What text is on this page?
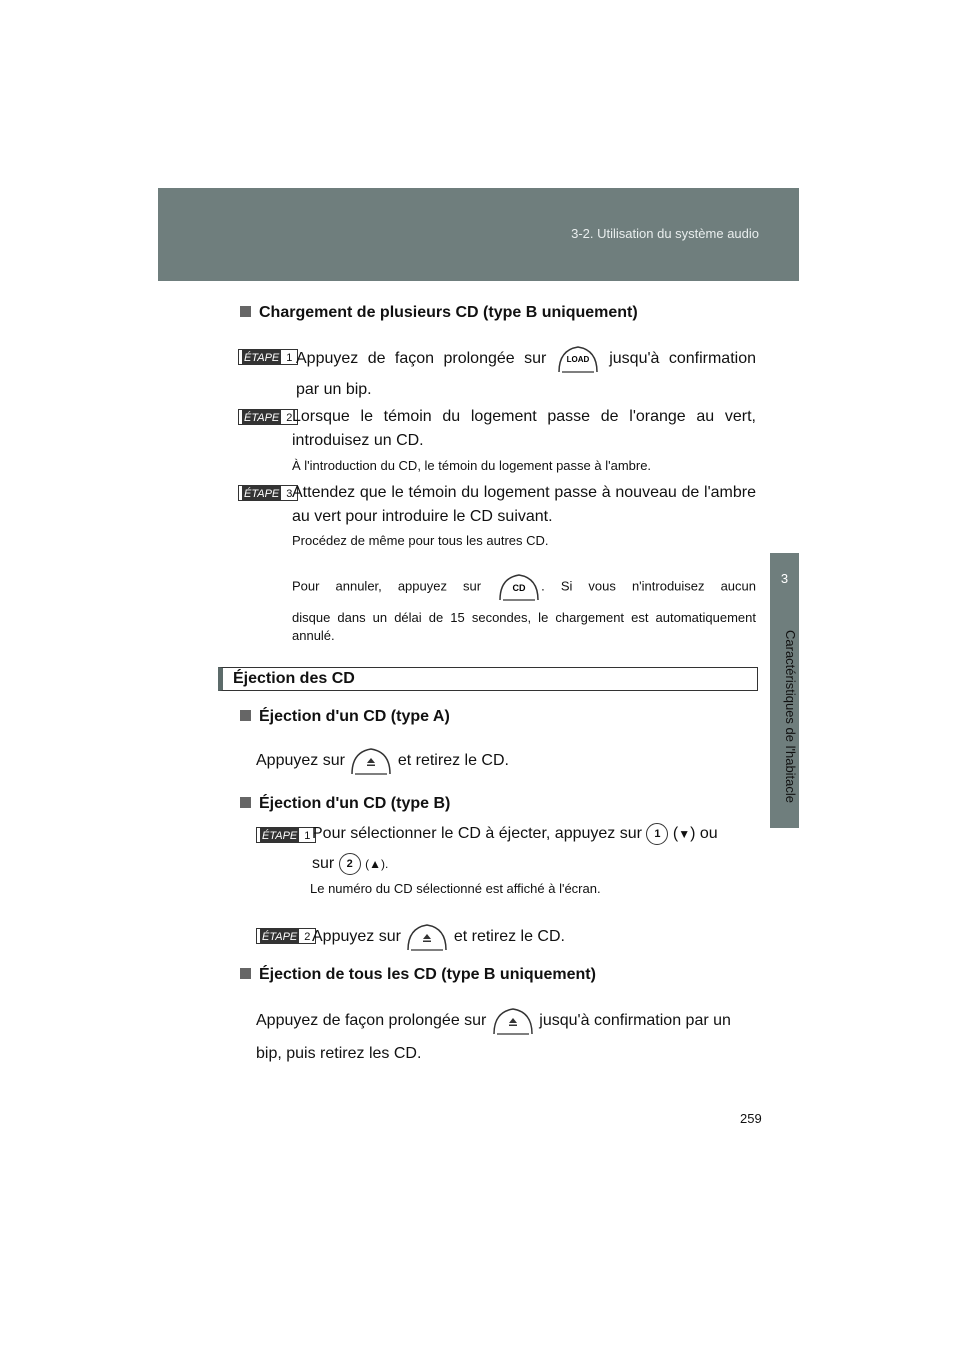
3-2. Utilisation du système audio
3
Caractéristiques de l'habitacle
Chargement de plusieurs CD (type B uniquement)
ÉTAPE 1 Appuyez de façon prolongée sur	LOAD jusqu'à confirmation
par un bip.
ÉTAPE 2 Lorsque le témoin du logement passe de l'orange au vert, introduisez un CD.
À l'introduction du CD, le témoin du logement passe à l'ambre.
ÉTAPE 3 Attendez que le témoin du logement passe à nouveau de l'ambre au vert pour introduire le CD suivant.
Procédez de même pour tous les autres CD.
Pour annuler, appuyez sur	CD . Si vous n'introduisez aucun
disque dans un délai de 15 secondes, le chargement est automatiquement annulé.
Éjection des CD
Éjection d'un CD (type A)
Appuyez sur	et retirez le CD.
Éjection d'un CD (type B)
ÉTAPE 1 Pour sélectionner le CD à éjecter, appuyez sur 1 (▼) ou
sur 2 (▲).
Le numéro du CD sélectionné est affiché à l'écran.
ÉTAPE 2 Appuyez sur	et retirez le CD.
Éjection de tous les CD (type B uniquement)
Appuyez de façon prolongée sur	jusqu'à confirmation par un
bip, puis retirez les CD.
259
